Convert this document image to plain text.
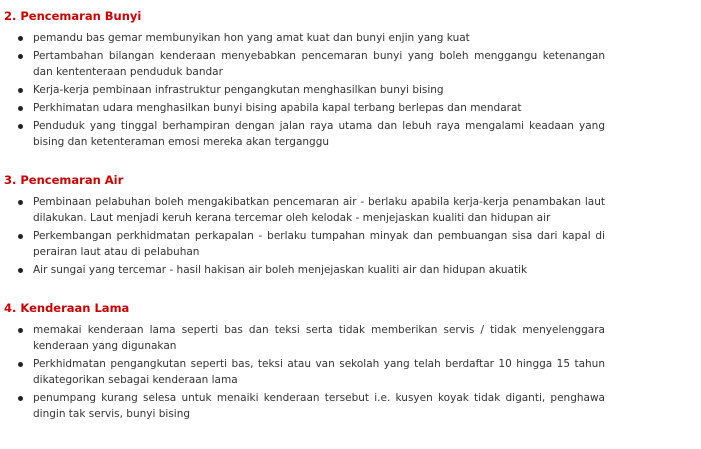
2. Pencemaran Bunyi
pemandu bas gemar membunyikan hon yang amat kuat dan bunyi enjin yang kuat
Pertambahan bilangan kenderaan menyebabkan pencemaran bunyi yang boleh menggangu ketenangan dan kententeraan penduduk bandar
Kerja-kerja pembinaan infrastruktur pengangkutan menghasilkan bunyi bising
Perkhimatan udara menghasilkan bunyi bising apabila kapal terbang berlepas dan mendarat
Penduduk yang tinggal berhampiran dengan jalan raya utama dan lebuh raya mengalami keadaan yang bising dan ketenteraman emosi mereka akan terganggu
3. Pencemaran Air
Pembinaan pelabuhan boleh mengakibatkan pencemaran air - berlaku apabila kerja-kerja penambakan laut dilakukan. Laut menjadi keruh kerana tercemar oleh kelodak - menjejaskan kualiti dan hidupan air
Perkembangan perkhidmatan perkapalan - berlaku tumpahan minyak dan pembuangan sisa dari kapal di perairan laut atau di pelabuhan
Air sungai yang tercemar - hasil hakisan air boleh menjejaskan kualiti air dan hidupan akuatik
4. Kenderaan Lama
memakai kenderaan lama seperti bas dan teksi serta tidak memberikan servis / tidak menyelenggara kenderaan yang digunakan
Perkhidmatan pengangkutan seperti bas, teksi atau van sekolah yang telah berdaftar 10 hingga 15 tahun dikategorikan sebagai kenderaan lama
penumpang kurang selesa untuk menaiki kenderaan tersebut i.e. kusyen koyak tidak diganti, penghawa dingin tak servis, bunyi bising
